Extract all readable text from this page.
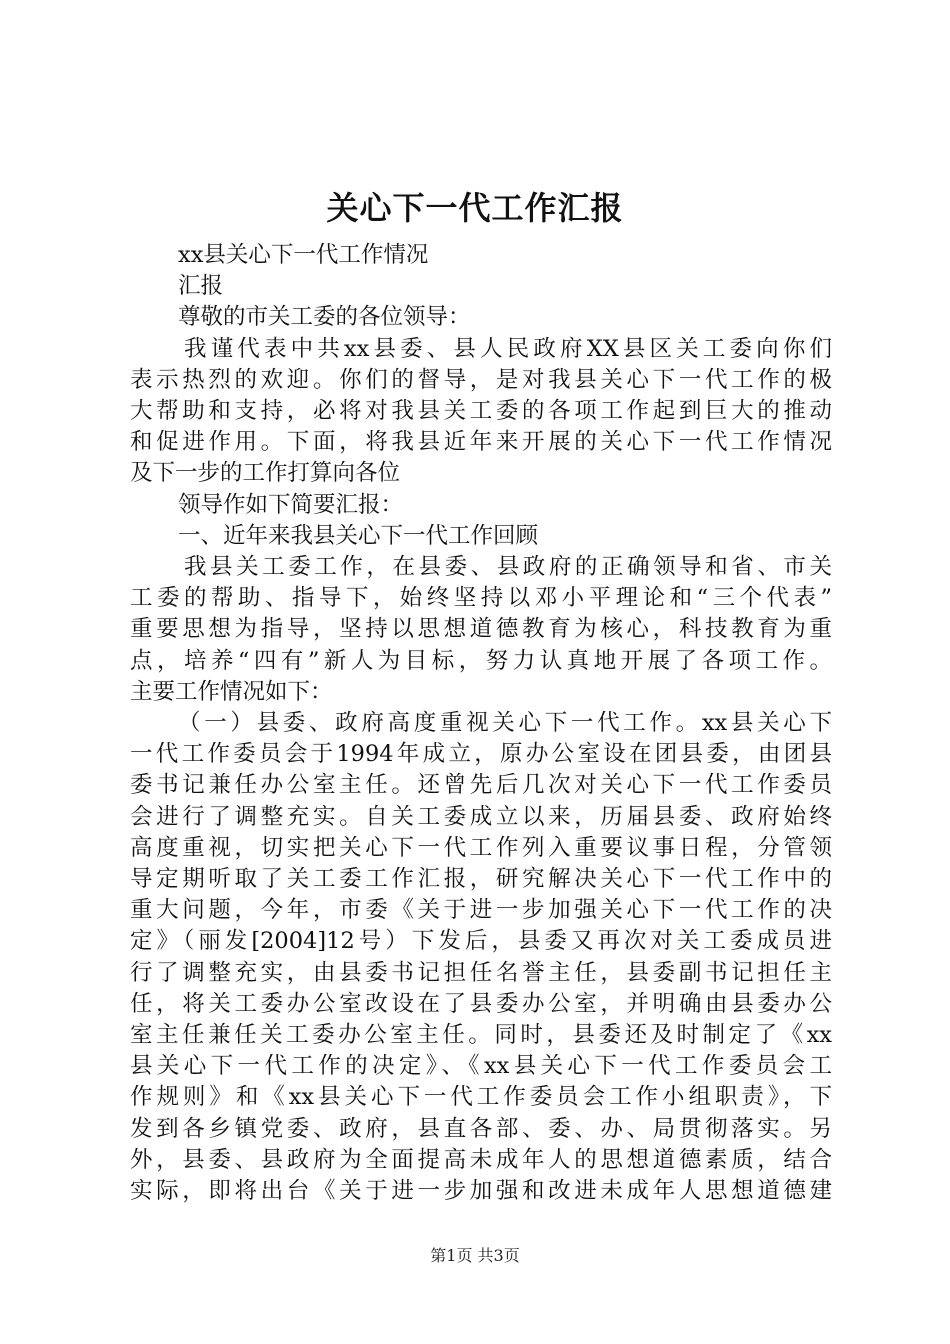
关心下一代工作汇报
xx县关心下一代工作情况
汇报
尊敬的市关工委的各位领导：
我谨代表中共xx县委、县人民政府XX县区关工委向你们
表示热烈的欢迎。你们的督导，是对我县关心下一代工作的极
大帮助和支持，必将对我县关工委的各项工作起到巨大的推动
和促进作用。下面，将我县近年来开展的关心下一代工作情况
及下一步的工作打算向各位
领导作如下简要汇报：
一、近年来我县关心下一代工作回顾
我县关工委工作，在县委、县政府的正确领导和省、市关
工委的帮助、指导下，始终坚持以邓小平理论和“三个代表”
重要思想为指导，坚持以思想道德教育为核心，科技教育为重
点，培养“四有”新人为目标，努力认真地开展了各项工作。
主要工作情况如下：
（一）县委、政府高度重视关心下一代工作。xx县关心下
一代工作委员会于1994年成立，原办公室设在团县委，由团县
委书记兼任办公室主任。还曾先后几次对关心下一代工作委员
会进行了调整充实。自关工委成立以来，历届县委、政府始终
高度重视，切实把关心下一代工作列入重要议事日程，分管领
导定期听取了关工委工作汇报，研究解决关心下一代工作中的
重大问题，今年，市委《关于进一步加强关心下一代工作的决
定》（丽发[2004]12号）下发后，县委又再次对关工委成员进
行了调整充实，由县委书记担任名誉主任，县委副书记担任主
任，将关工委办公室改设在了县委办公室，并明确由县委办公
室主任兼任关工委办公室主任。同时，县委还及时制定了《xx
县关心下一代工作的决定》、《xx县关心下一代工作委员会工
作规则》和《xx县关心下一代工作委员会工作小组职责》，下
发到各乡镇党委、政府，县直各部、委、办、局贯彻落实。另
外，县委、县政府为全面提高未成年人的思想道德素质，结合
实际，即将出台《关于进一步加强和改进未成年人思想道德建
第1页 共3页
